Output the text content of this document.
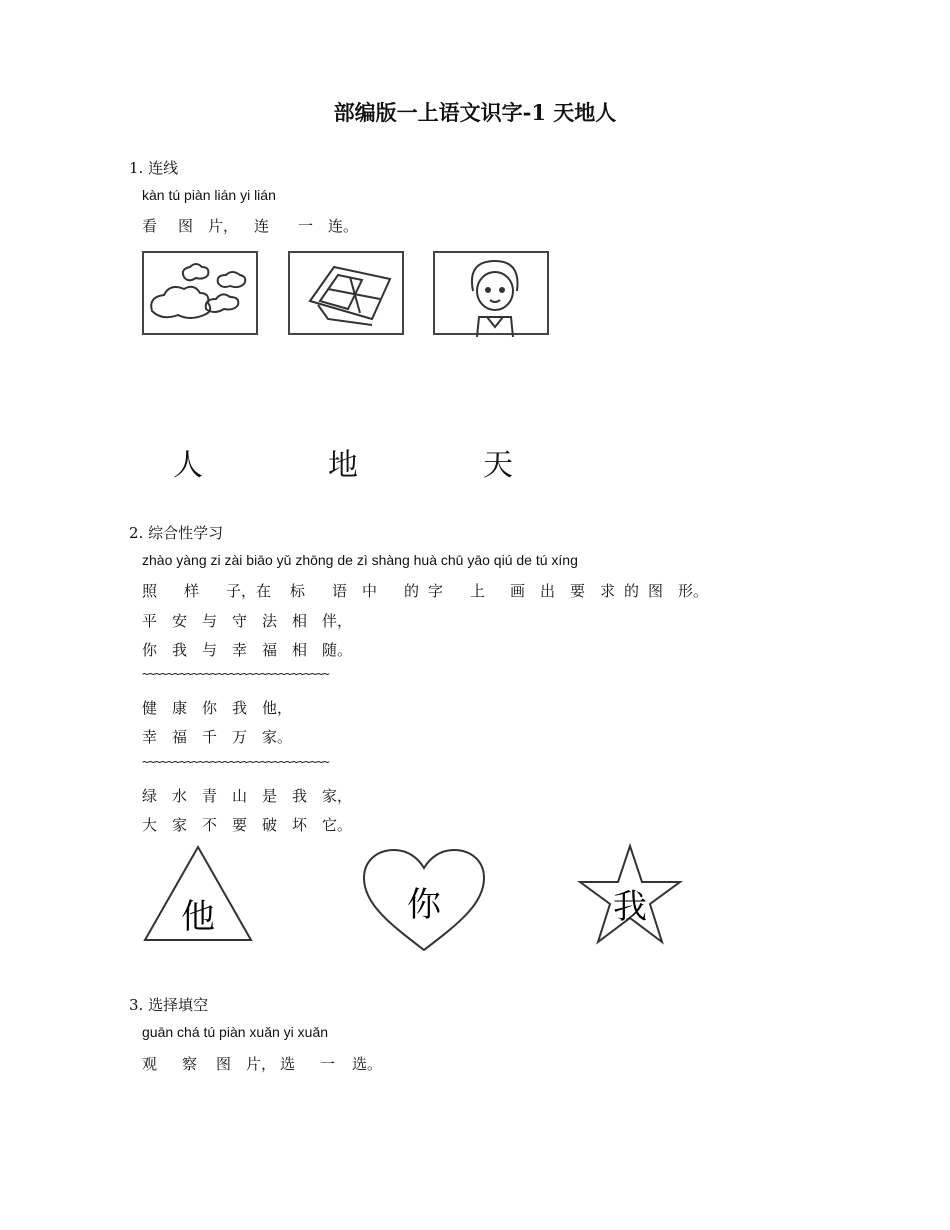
部编版一上语文识字-1 天地人
1. 连线
kàn tú piàn lián yi lián
看 图 片， 连 一 连。
人	地	天
2. 综合性学习
zhào yàng zi zài biāo yǔ zhōng de zì shàng huà chū yāo qiú de tú xíng
照 样 子，在 标 语 中 的 字 上 画 出 要 求 的 图 形。
平 安 与 守 法 相 伴，
你 我 与 幸 福 相 随。
~~~~~~~~~~~~~~~~~~~~~~~~~~~~~~
健 康 你 我 他，
幸 福 千 万 家。
~~~~~~~~~~~~~~~~~~~~~~~~~~~~~~
绿 水 青 山 是 我 家，
大 家 不 要 破 坏 它。
他	你	我
3. 选择填空
guān chá tú piàn xuǎn yi xuǎn
观 察 图 片， 选 一 选。
